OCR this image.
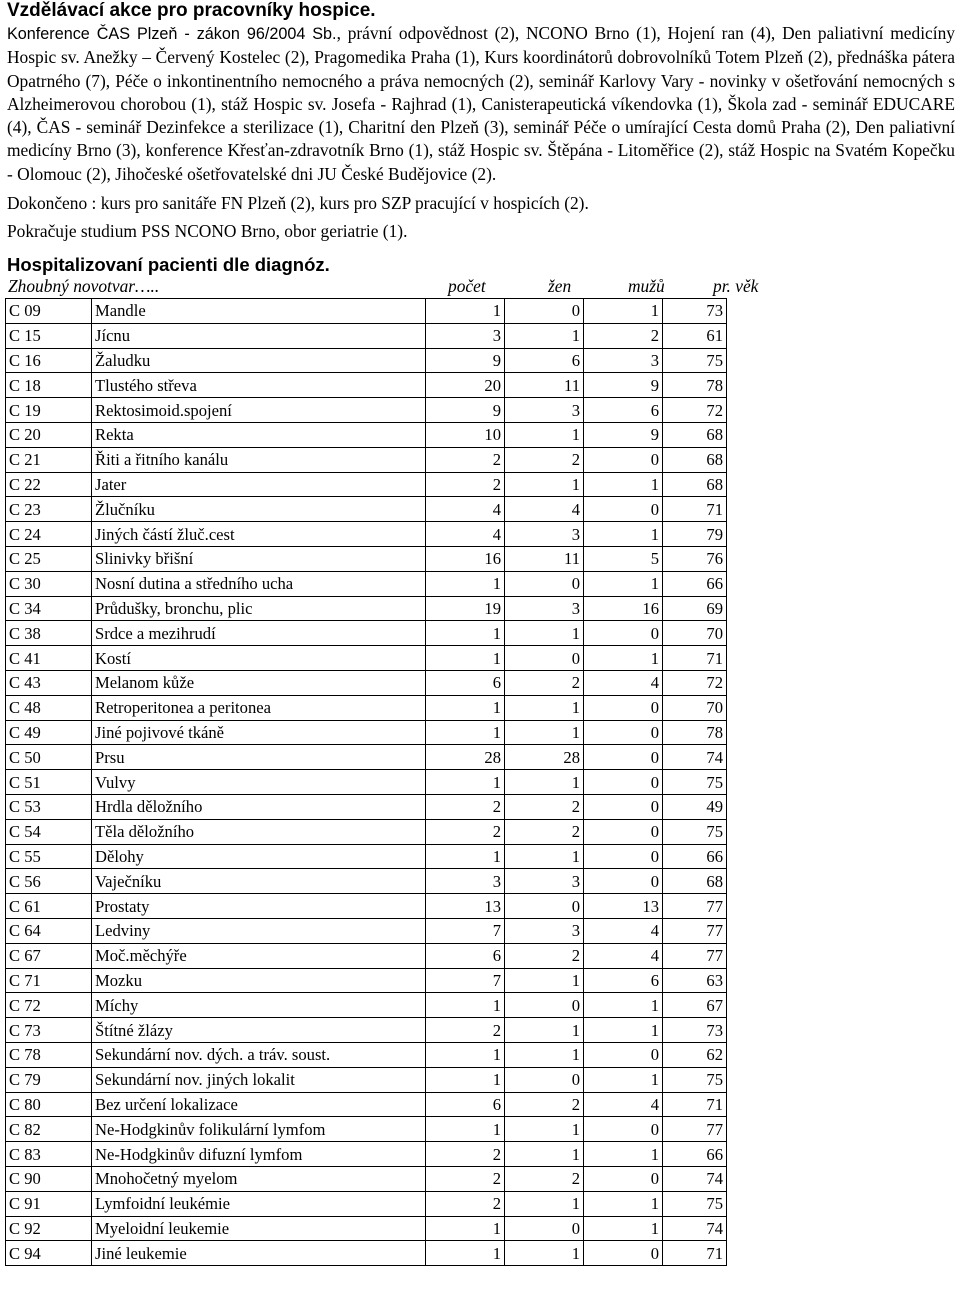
Vzdělávací akce pro pracovníky hospice.

Konference ČAS Plzeň - zákon 96/2004 Sb., právní odpovědnost (2), NCONO Brno (1), Hojení ran (4), Den paliativní medicíny Hospic sv. Anežky – Červený Kostelec (2), Pragomedika Praha (1), Kurs koordinátorů dobrovolníků Totem Plzeň (2), přednáška pátera Opatrného (7), Péče o inkontinentního nemocného a práva nemocných (2), seminář Karlovy Vary - novinky v ošetřování nemocných s Alzheimerovou chorobou (1), stáž Hospic sv. Josefa - Rajhrad (1), Canisterapeutická víkendovka (1), Škola zad - seminář EDUCARE (4), ČAS - seminář Dezinfekce a sterilizace (1), Charitní den Plzeň (3), seminář Péče o umírající Cesta domů Praha (2), Den paliativní medicíny Brno (3), konference Křesťan-zdravotník Brno (1), stáž Hospic sv. Štěpána - Litoměřice (2), stáž Hospic na Svatém Kopečku - Olomouc (2), Jihočeské ošetřovatelské dni JU České Budějovice (2).

Dokončeno : kurs pro sanitáře FN Plzeň (2), kurs pro SZP pracující v hospicích (2).

Pokračuje studium PSS NCONO Brno, obor geriatrie (1).

Hospitalizovaní pacienti dle diagnóz.
Zhoubný novotvar…..	počet	žen	mužů	pr. věk
C 09	Mandle	1	0	1	73
C 15	Jícnu	3	1	2	61
C 16	Žaludku	9	6	3	75
C 18	Tlustého střeva	20	11	9	78
C 19	Rektosimoid.spojení	9	3	6	72
C 20	Rekta	10	1	9	68
C 21	Řiti a řitního kanálu	2	2	0	68
C 22	Jater	2	1	1	68
C 23	Žlučníku	4	4	0	71
C 24	Jiných částí žluč.cest	4	3	1	79
C 25	Slinivky břišní	16	11	5	76
C 30	Nosní dutina a středního ucha	1	0	1	66
C 34	Průdušky, bronchu, plic	19	3	16	69
C 38	Srdce a mezihrudí	1	1	0	70
C 41	Kostí	1	0	1	71
C 43	Melanom kůže	6	2	4	72
C 48	Retroperitonea a peritonea	1	1	0	70
C 49	Jiné pojivové tkáně	1	1	0	78
C 50	Prsu	28	28	0	74
C 51	Vulvy	1	1	0	75
C 53	Hrdla děložního	2	2	0	49
C 54	Těla děložního	2	2	0	75
C 55	Dělohy	1	1	0	66
C 56	Vaječníku	3	3	0	68
C 61	Prostaty	13	0	13	77
C 64	Ledviny	7	3	4	77
C 67	Moč.měchýře	6	2	4	77
C 71	Mozku	7	1	6	63
C 72	Míchy	1	0	1	67
C 73	Štítné žlázy	2	1	1	73
C 78	Sekundární nov. dých. a tráv. soust.	1	1	0	62
C 79	Sekundární nov. jiných lokalit	1	0	1	75
C 80	Bez určení lokalizace	6	2	4	71
C 82	Ne-Hodgkinův folikulární lymfom	1	1	0	77
C 83	Ne-Hodgkinův difuzní lymfom	2	1	1	66
C 90	Mnohočetný myelom	2	2	0	74
C 91	Lymfoidní leukémie	2	1	1	75
C 92	Myeloidní leukemie	1	0	1	74
C 94	Jiné leukemie	1	1	0	71
